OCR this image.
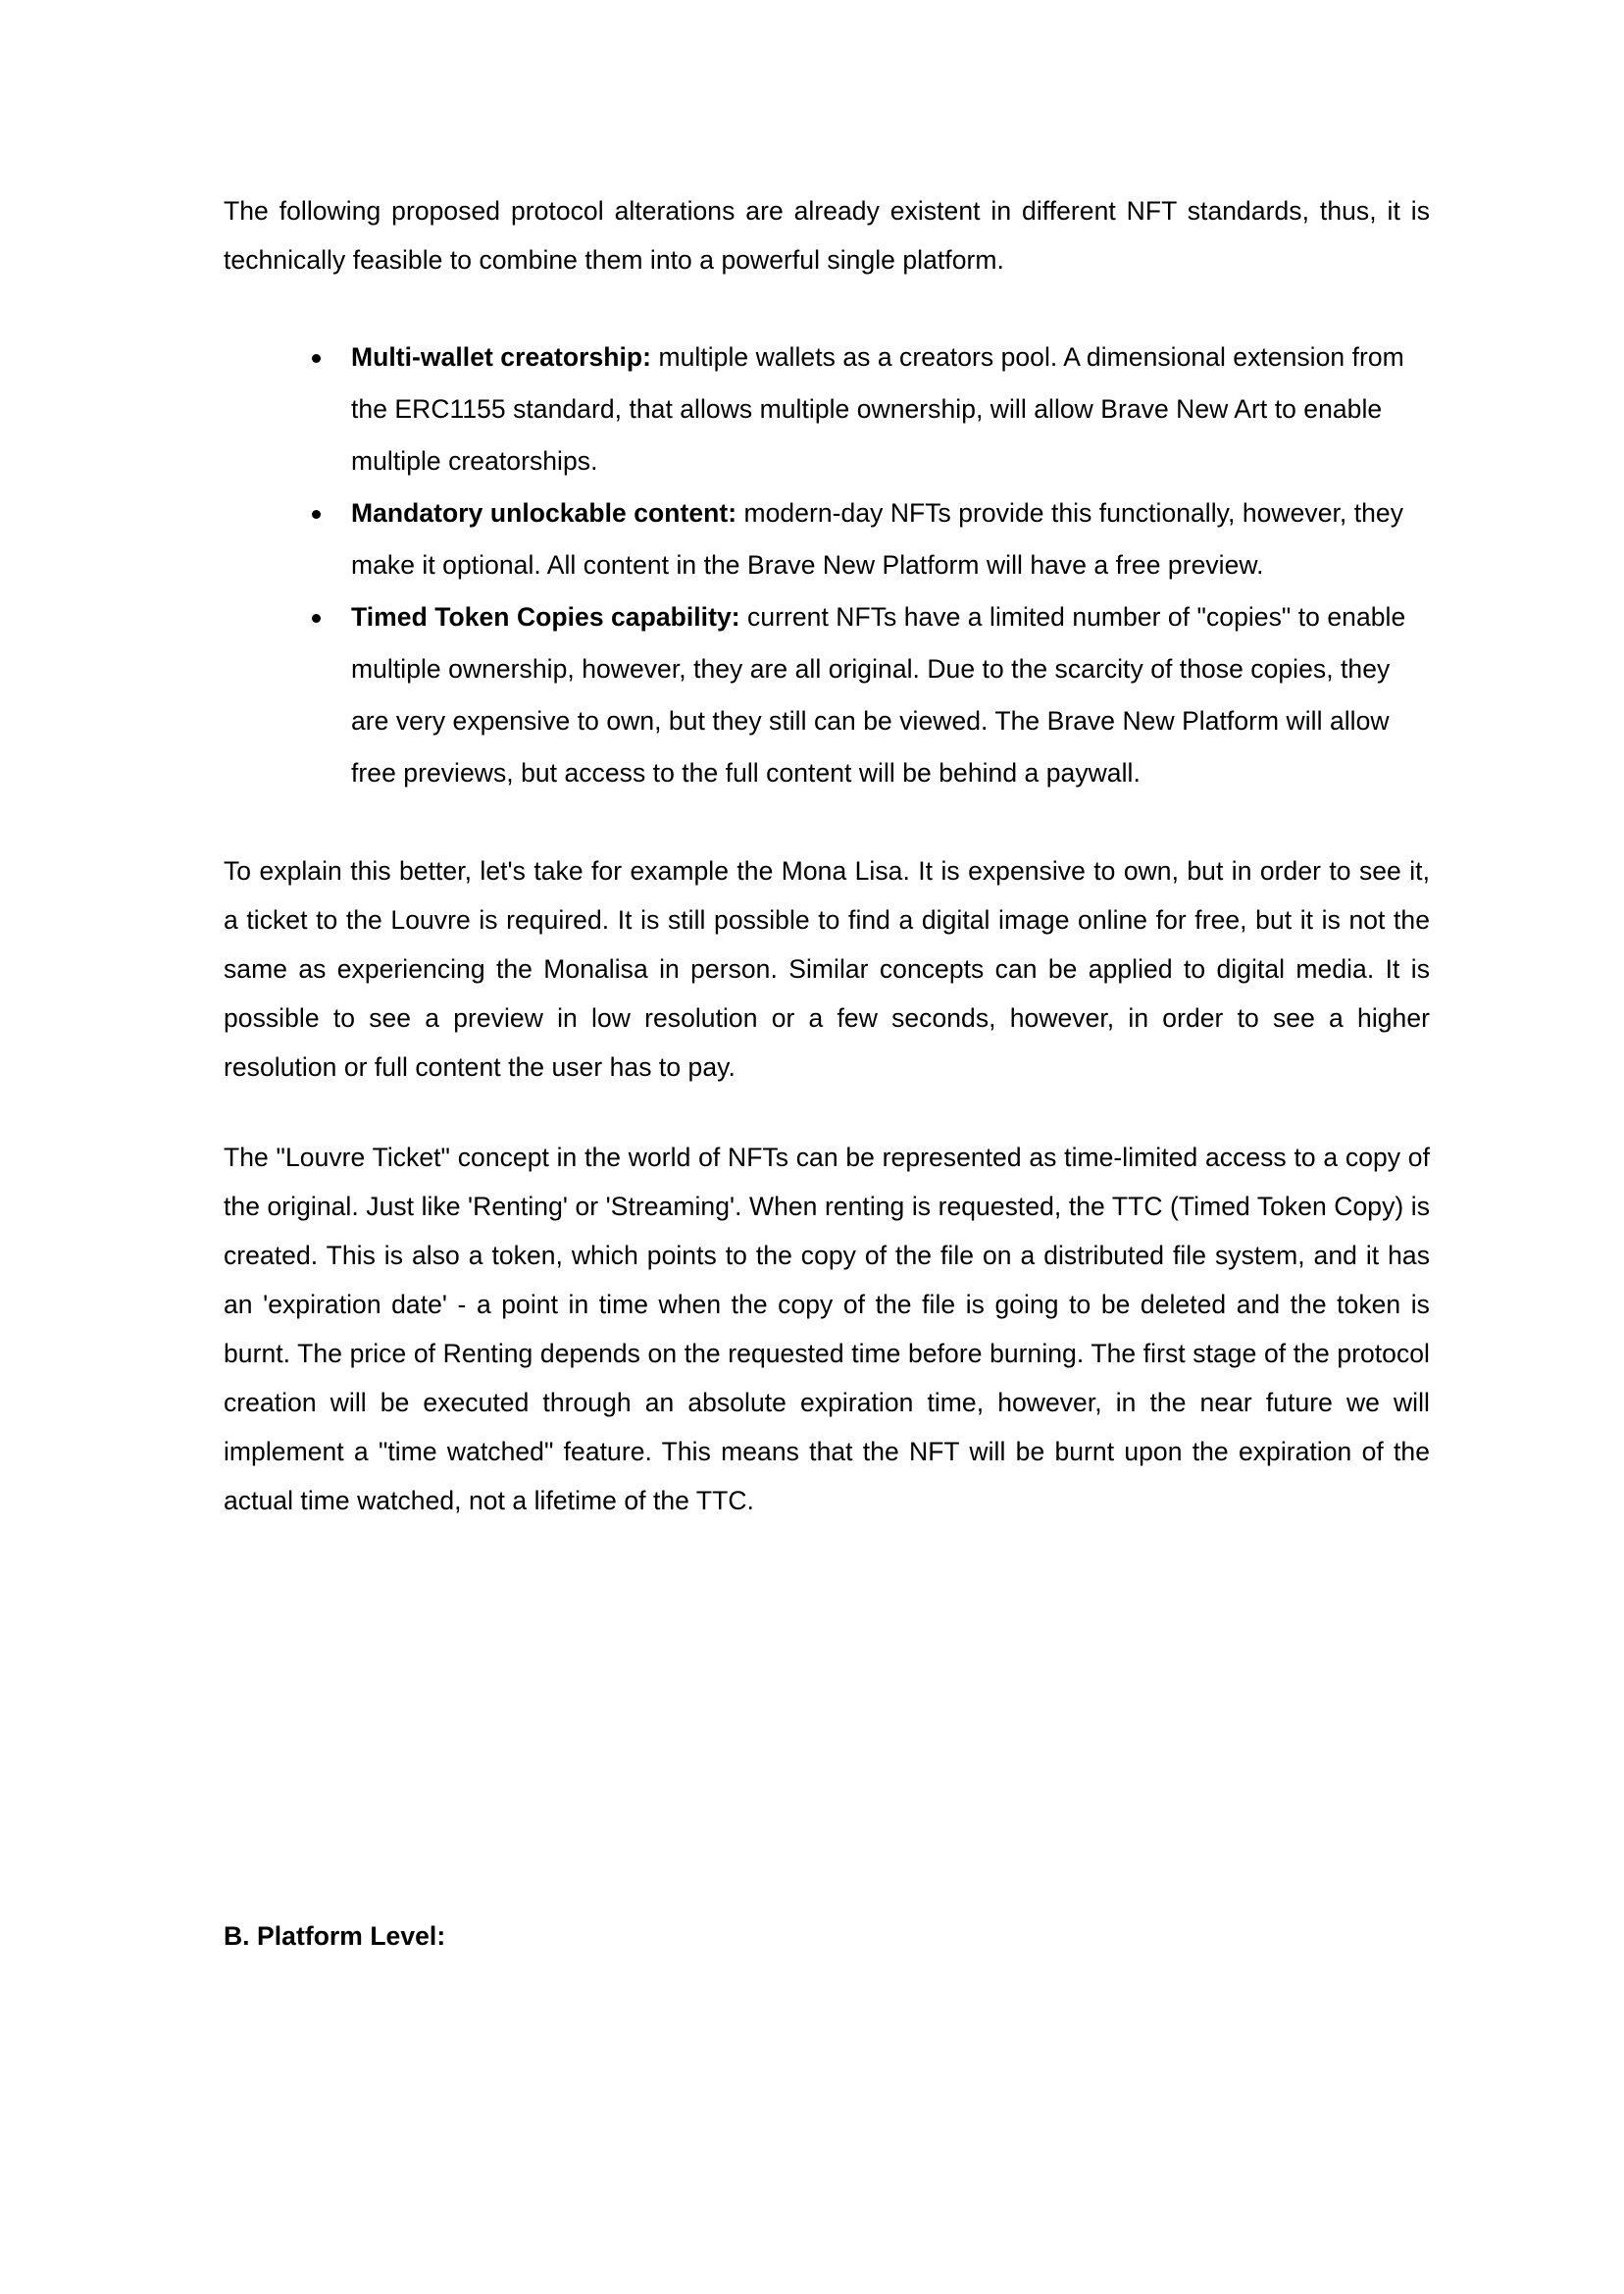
The following proposed protocol alterations are already existent in different NFT standards, thus, it is technically feasible to combine them into a powerful single platform.

Multi-wallet creatorship: multiple wallets as a creators pool. A dimensional extension from the ERC1155 standard, that allows multiple ownership, will allow Brave New Art to enable multiple creatorships.
Mandatory unlockable content: modern-day NFTs provide this functionally, however, they make it optional. All content in the Brave New Platform will have a free preview.
Timed Token Copies capability: current NFTs have a limited number of "copies" to enable multiple ownership, however, they are all original. Due to the scarcity of those copies, they are very expensive to own, but they still can be viewed. The Brave New Platform will allow free previews, but access to the full content will be behind a paywall.

To explain this better, let's take for example the Mona Lisa. It is expensive to own, but in order to see it, a ticket to the Louvre is required. It is still possible to find a digital image online for free, but it is not the same as experiencing the Monalisa in person. Similar concepts can be applied to digital media. It is possible to see a preview in low resolution or a few seconds, however, in order to see a higher resolution or full content the user has to pay.

The "Louvre Ticket" concept in the world of NFTs can be represented as time-limited access to a copy of the original. Just like 'Renting' or 'Streaming'. When renting is requested, the TTC (Timed Token Copy) is created. This is also a token, which points to the copy of the file on a distributed file system, and it has an 'expiration date' - a point in time when the copy of the file is going to be deleted and the token is burnt. The price of Renting depends on the requested time before burning. The first stage of the protocol creation will be executed through an absolute expiration time, however, in the near future we will implement a "time watched" feature. This means that the NFT will be burnt upon the expiration of the actual time watched, not a lifetime of the TTC.

B. Platform Level:
